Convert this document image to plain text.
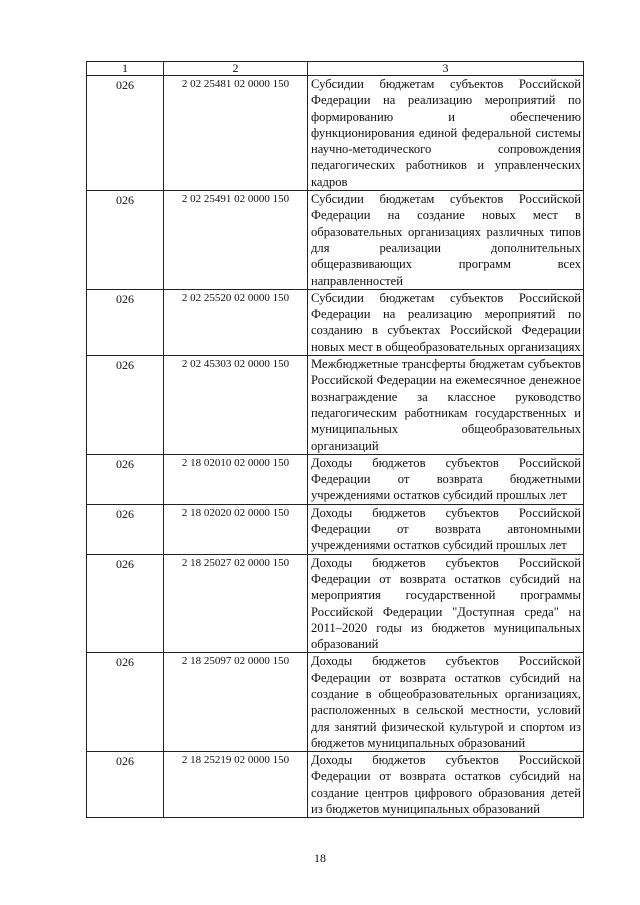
1	2	3
026	2 02 25481 02 0000 150	Субсидии бюджетам субъектов Российской Федерации на реализацию мероприятий по формированию и обеспечению функционирования единой федеральной системы научно-методического сопровождения педагогических работников и управленческих кадров
026	2 02 25491 02 0000 150	Субсидии бюджетам субъектов Российской Федерации на создание новых мест в образовательных организациях различных типов для реализации дополнительных общеразвивающих программ всех направленностей
026	2 02 25520 02 0000 150	Субсидии бюджетам субъектов Российской Федерации на реализацию мероприятий по созданию в субъектах Российской Федерации новых мест в общеобразовательных организациях
026	2 02 45303 02 0000 150	Межбюджетные трансферты бюджетам субъектов Российской Федерации на ежемесячное денежное вознаграждение за классное руководство педагогическим работникам государственных и муниципальных общеобразовательных организаций
026	2 18 02010 02 0000 150	Доходы бюджетов субъектов Российской Федерации от возврата бюджетными учреждениями остатков субсидий прошлых лет
026	2 18 02020 02 0000 150	Доходы бюджетов субъектов Российской Федерации от возврата автономными учреждениями остатков субсидий прошлых лет
026	2 18 25027 02 0000 150	Доходы бюджетов субъектов Российской Федерации от возврата остатков субсидий на мероприятия государственной программы Российской Федерации "Доступная среда" на 2011–2020 годы из бюджетов муниципальных образований
026	2 18 25097 02 0000 150	Доходы бюджетов субъектов Российской Федерации от возврата остатков субсидий на создание в общеобразовательных организациях, расположенных в сельской местности, условий для занятий физической культурой и спортом из бюджетов муниципальных образований
026	2 18 25219 02 0000 150	Доходы бюджетов субъектов Российской Федерации от возврата остатков субсидий на создание центров цифрового образования детей из бюджетов муниципальных образований
18
